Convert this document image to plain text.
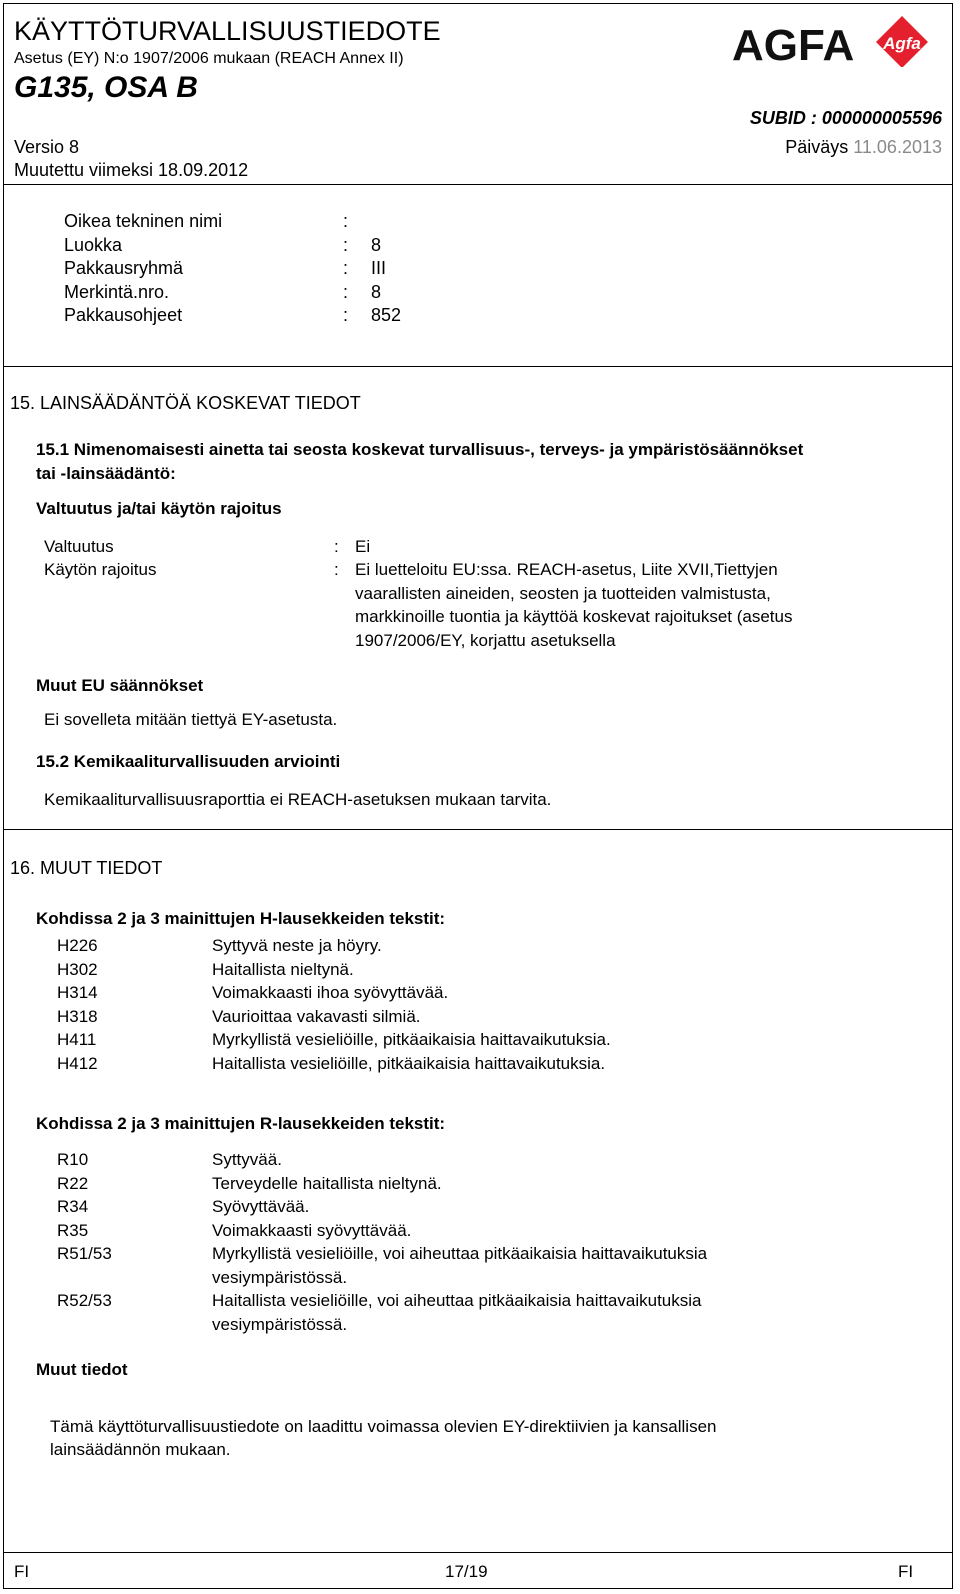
KÄYTTÖTURVALLISUUSTIEDOTE
Asetus (EY) N:o 1907/2006 mukaan (REACH Annex II)
G135, OSA B
AGFA Agfa
SUBID : 000000005596
Versio 8	Päiväys 11.06.2013
Muutettu viimeksi 18.09.2012
Oikea tekninen nimi	:
Luokka	: 8
Pakkausryhmä	: III
Merkintä.nro.	: 8
Pakkausohjeet	: 852
15. LAINSÄÄDÄNTÖÄ KOSKEVAT TIEDOT
15.1 Nimenomaisesti ainetta tai seosta koskevat turvallisuus-, terveys- ja ympäristösäännökset
tai -lainsäädäntö:
Valtuutus ja/tai käytön rajoitus
Valtuutus	: Ei
Käytön rajoitus	: Ei luetteloitu EU:ssa. REACH-asetus, Liite XVII,Tiettyjen
vaarallisten aineiden, seosten ja tuotteiden valmistusta,
markkinoille tuontia ja käyttöä koskevat rajoitukset (asetus
1907/2006/EY, korjattu asetuksella
Muut EU säännökset
Ei sovelleta mitään tiettyä EY-asetusta.
15.2 Kemikaaliturvallisuuden arviointi
Kemikaaliturvallisuusraporttia ei REACH-asetuksen mukaan tarvita.
16. MUUT TIEDOT
Kohdissa 2 ja 3 mainittujen H-lausekkeiden tekstit:
H226	Syttyvä neste ja höyry.
H302	Haitallista nieltynä.
H314	Voimakkaasti ihoa syövyttävää.
H318	Vaurioittaa vakavasti silmiä.
H411	Myrkyllistä vesieliöille, pitkäaikaisia haittavaikutuksia.
H412	Haitallista vesieliöille, pitkäaikaisia haittavaikutuksia.
Kohdissa 2 ja 3 mainittujen R-lausekkeiden tekstit:
R10	Syttyvää.
R22	Terveydelle haitallista nieltynä.
R34	Syövyttävää.
R35	Voimakkaasti syövyttävää.
R51/53	Myrkyllistä vesieliöille, voi aiheuttaa pitkäaikaisia haittavaikutuksia
vesiympäristössä.
R52/53	Haitallista vesieliöille, voi aiheuttaa pitkäaikaisia haittavaikutuksia
vesiympäristössä.
Muut tiedot
Tämä käyttöturvallisuustiedote on laadittu voimassa olevien EY-direktiivien ja kansallisen
lainsäädännön mukaan.
FI	17/19	FI
